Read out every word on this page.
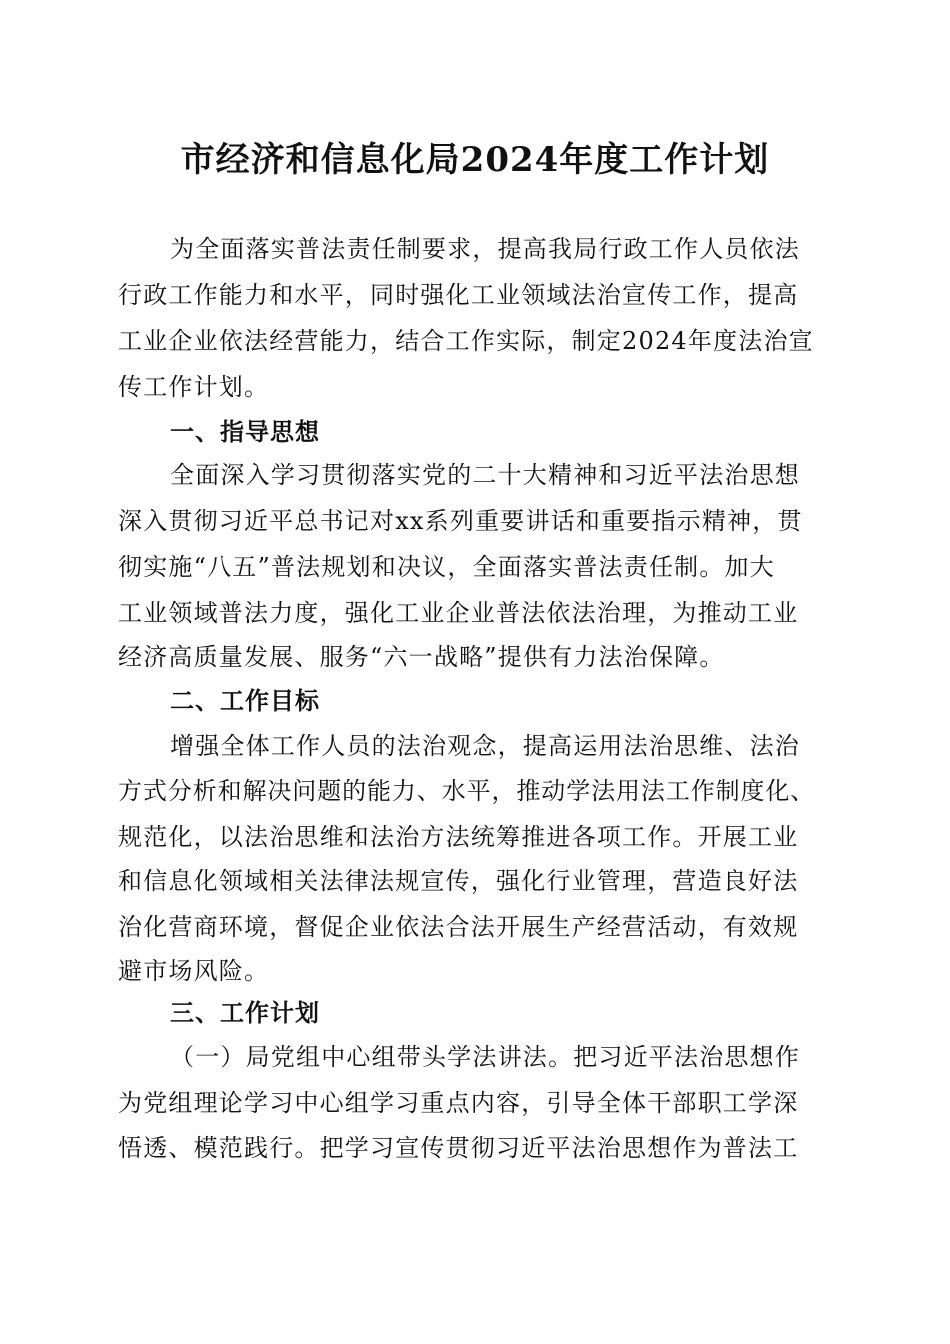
市经济和信息化局2024年度工作计划
为全面落实普法责任制要求，提高我局行政工作人员依法
行政工作能力和水平，同时强化工业领域法治宣传工作，提高
工业企业依法经营能力，结合工作实际，制定2024年度法治宣
传工作计划。
一、指导思想
全面深入学习贯彻落实党的二十大精神和习近平法治思想
深入贯彻习近平总书记对xx系列重要讲话和重要指示精神，贯
彻实施“八五”普法规划和决议，全面落实普法责任制。加大
工业领域普法力度，强化工业企业普法依法治理，为推动工业
经济高质量发展、服务“六一战略”提供有力法治保障。
二、工作目标
增强全体工作人员的法治观念，提高运用法治思维、法治
方式分析和解决问题的能力、水平，推动学法用法工作制度化、
规范化，以法治思维和法治方法统筹推进各项工作。开展工业
和信息化领域相关法律法规宣传，强化行业管理，营造良好法
治化营商环境，督促企业依法合法开展生产经营活动，有效规
避市场风险。
三、工作计划
（一）局党组中心组带头学法讲法。把习近平法治思想作
为党组理论学习中心组学习重点内容，引导全体干部职工学深
悟透、模范践行。把学习宣传贯彻习近平法治思想作为普法工
